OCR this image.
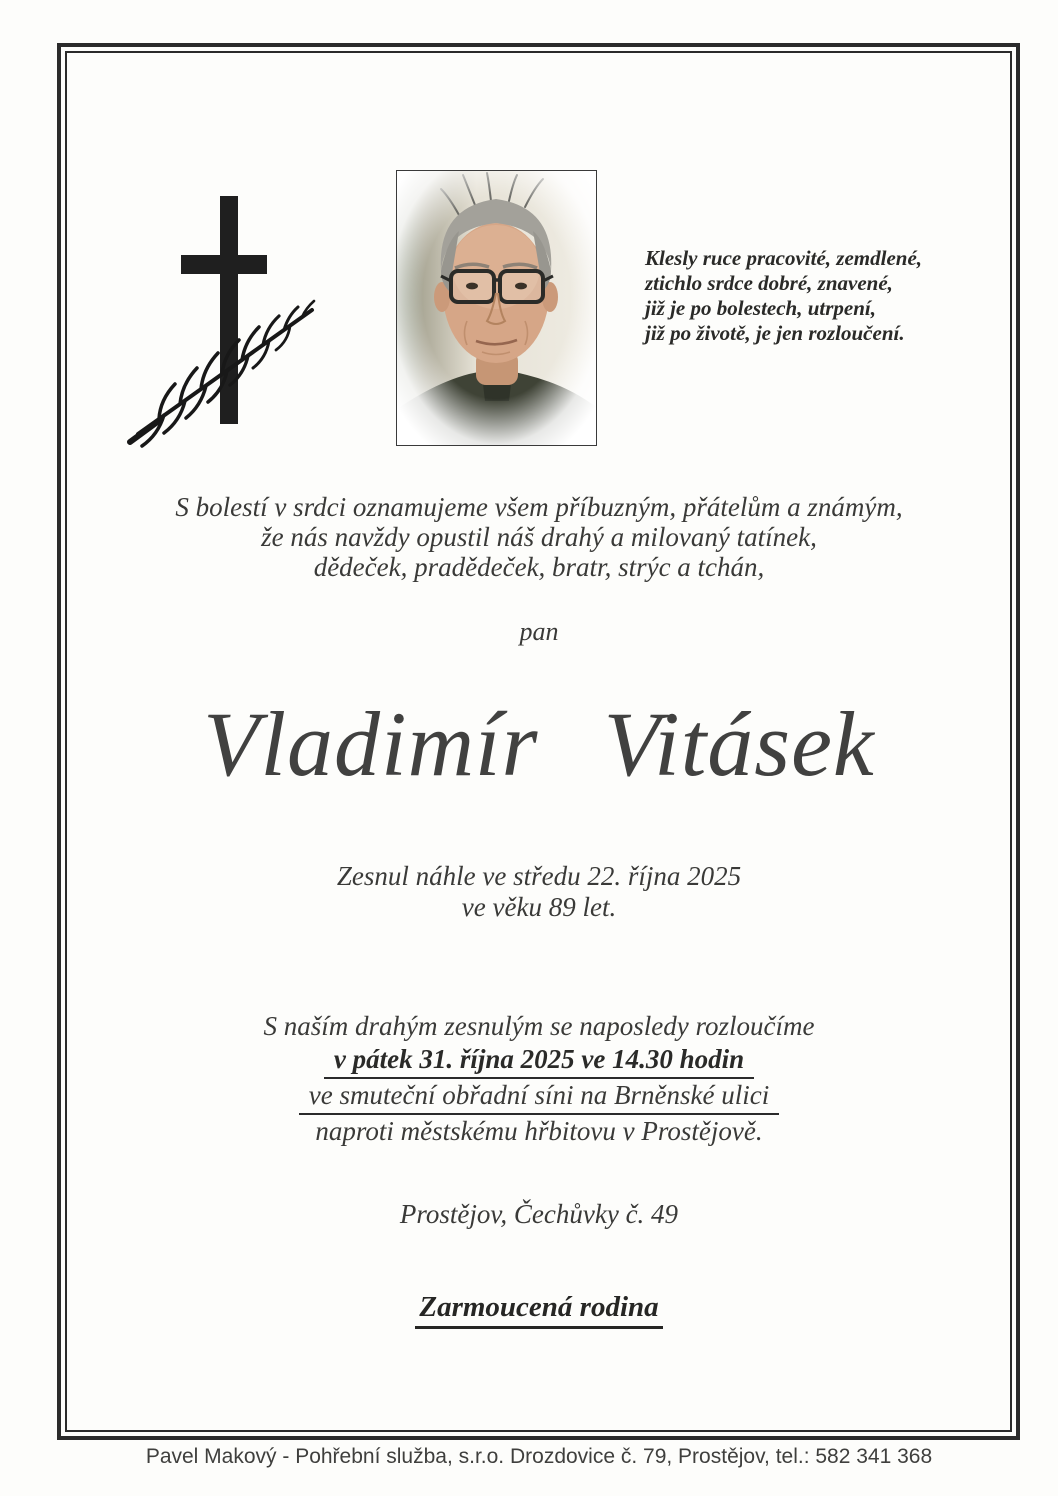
Klesly ruce pracovité, zemdlené,
ztichlo srdce dobré, znavené,
již je po bolestech, utrpení,
již po životě, je jen rozloučení.
S bolestí v srdci oznamujeme všem příbuzným, přátelům a známým,
že nás navždy opustil náš drahý a milovaný tatínek,
dědeček, pradědeček, bratr, strýc a tchán,
pan
Vladimír Vitásek
Zesnul náhle ve středu 22. října 2025
ve věku 89 let.
S naším drahým zesnulým se naposledy rozloučíme
v pátek 31. října 2025 ve 14.30 hodin
ve smuteční obřadní síni na Brněnské ulici
naproti městskému hřbitovu v Prostějově.
Prostějov, Čechůvky č. 49
Zarmoucená rodina
Pavel Makový - Pohřební služba, s.r.o. Drozdovice č. 79, Prostějov, tel.: 582 341 368
